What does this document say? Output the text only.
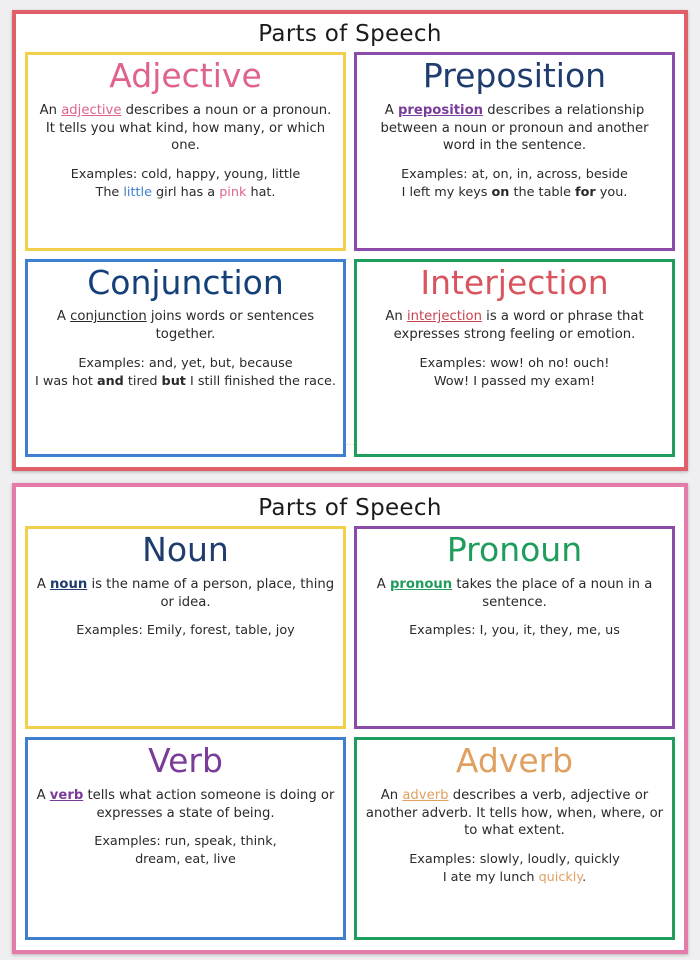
Parts of Speech
Adjective
An adjective describes a noun or a pronoun. It tells you what kind, how many, or which one.
Examples: cold, happy, young, little
The little girl has a pink hat.
Preposition
A preposition describes a relationship between a noun or pronoun and another word in the sentence.
Examples: at, on, in, across, beside
I left my keys on the table for you.
Conjunction
A conjunction joins words or sentences together.
Examples: and, yet, but, because
I was hot and tired but I still finished the race.
Interjection
An interjection is a word or phrase that expresses strong feeling or emotion.
Examples: wow! oh no! ouch!
Wow! I passed my exam!
...
Parts of Speech
Noun
A noun is the name of a person, place, thing or idea.
Examples: Emily, forest, table, joy
Pronoun
A pronoun takes the place of a noun in a sentence.
Examples: I, you, it, they, me, us
Verb
A verb tells what action someone is doing or expresses a state of being.
Examples: run, speak, think,
dream, eat, live
Adverb
An adverb describes a verb, adjective or another adverb. It tells how, when, where, or to what extent.
Examples: slowly, loudly, quickly
I ate my lunch quickly.
